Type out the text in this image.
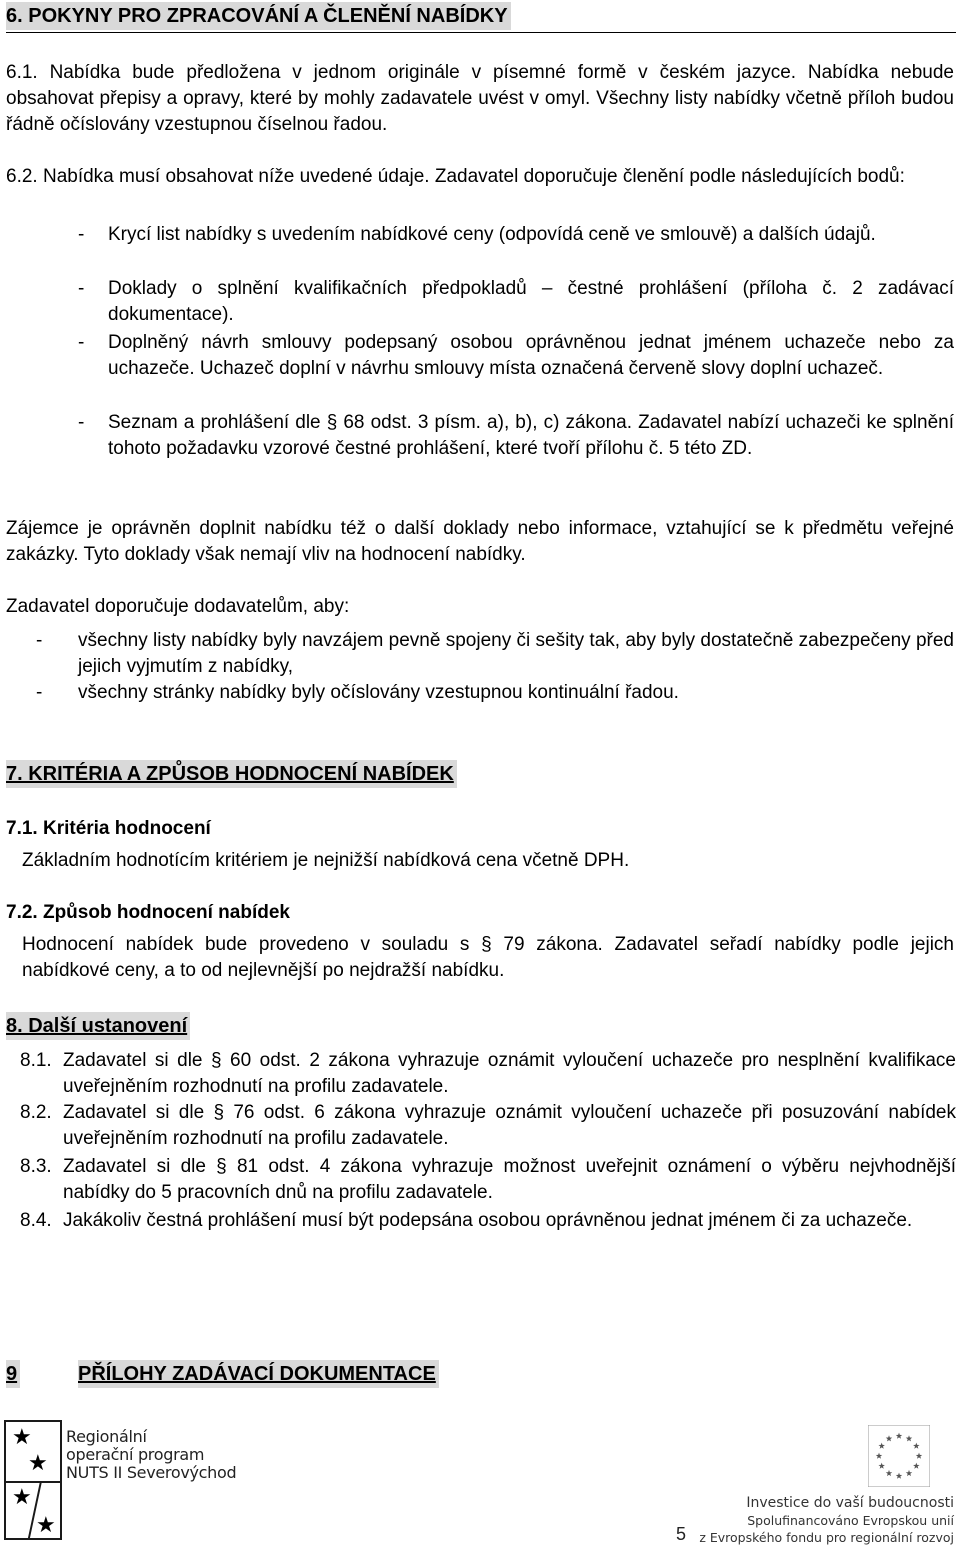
6. POKYNY PRO ZPRACOVÁNÍ A ČLENĚNÍ NABÍDKY
6.1. Nabídka bude předložena v jednom originále v písemné formě v českém jazyce. Nabídka nebude obsahovat přepisy a opravy, které by mohly zadavatele uvést v omyl. Všechny listy nabídky včetně příloh budou řádně očíslovány vzestupnou číselnou řadou.
6.2. Nabídka musí obsahovat níže uvedené údaje. Zadavatel doporučuje členění podle následujících bodů:
- Krycí list nabídky s uvedením nabídkové ceny (odpovídá ceně ve smlouvě) a dalších údajů.
- Doklady o splnění kvalifikačních předpokladů – čestné prohlášení (příloha č. 2 zadávací dokumentace).
- Doplněný návrh smlouvy podepsaný osobou oprávněnou jednat jménem uchazeče nebo za uchazeče. Uchazeč doplní v návrhu smlouvy místa označená červeně slovy doplní uchazeč.
- Seznam a prohlášení dle § 68 odst. 3 písm. a), b), c) zákona. Zadavatel nabízí uchazeči ke splnění tohoto požadavku vzorové čestné prohlášení, které tvoří přílohu č. 5 této ZD.
Zájemce je oprávněn doplnit nabídku též o další doklady nebo informace, vztahující se k předmětu veřejné zakázky. Tyto doklady však nemají vliv na hodnocení nabídky.
Zadavatel doporučuje dodavatelům, aby:
- všechny listy nabídky byly navzájem pevně spojeny či sešity tak, aby byly dostatečně zabezpečeny před jejich vyjmutím z nabídky,
- všechny stránky nabídky byly očíslovány vzestupnou kontinuální řadou.
7. KRITÉRIA A ZPŮSOB HODNOCENÍ NABÍDEK
7.1. Kritéria hodnocení
Základním hodnotícím kritériem je nejnižší nabídková cena včetně DPH.
7.2. Způsob hodnocení nabídek
Hodnocení nabídek bude provedeno v souladu s § 79 zákona. Zadavatel seřadí nabídky podle jejich nabídkové ceny, a to od nejlevnější po nejdražší nabídku.
8. Další ustanovení
8.1. Zadavatel si dle § 60 odst. 2 zákona vyhrazuje oznámit vyloučení uchazeče pro nesplnění kvalifikace uveřejněním rozhodnutí na profilu zadavatele.
8.2. Zadavatel si dle § 76 odst. 6 zákona vyhrazuje oznámit vyloučení uchazeče při posuzování nabídek uveřejněním rozhodnutí na profilu zadavatele.
8.3. Zadavatel si dle § 81 odst. 4 zákona vyhrazuje možnost uveřejnit oznámení o výběru nejvhodnější nabídky do 5 pracovních dnů na profilu zadavatele.
8.4. Jakákoliv čestná prohlášení musí být podepsána osobou oprávněnou jednat jménem či za uchazeče.
9	PŘÍLOHY ZADÁVACÍ DOKUMENTACE
★
★
★
★
Regionální
operační program
NUTS II Severovýchod
Investice do vaší budoucnosti
Spolufinancováno Evropskou unií
z Evropského fondu pro regionální rozvoj
5
